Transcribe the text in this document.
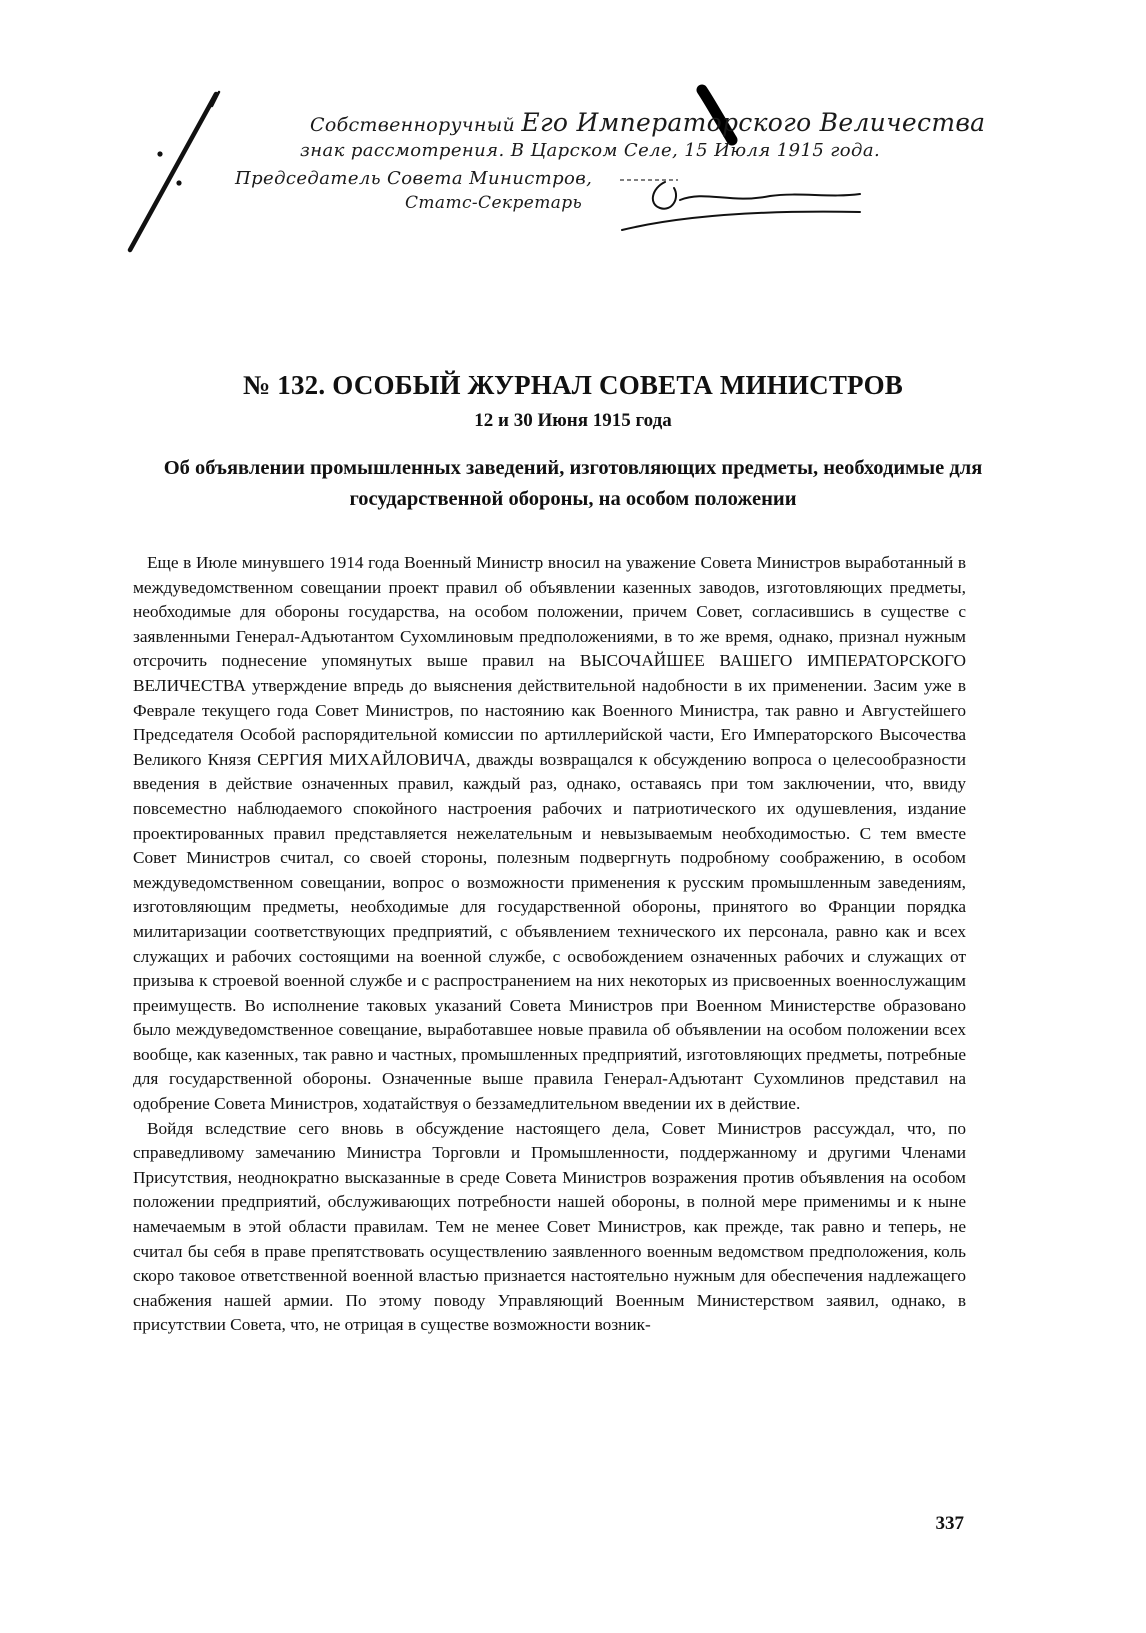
Собственноручный Его Императорского Величества
знак рассмотрения. В Царском Селе, 15 Июля 1915 года.
Председатель Совета Министров,
Статс-Секретарь
№ 132. ОСОБЫЙ ЖУРНАЛ СОВЕТА МИНИСТРОВ
12 и 30 Июня 1915 года
Об объявлении промышленных заведений, изготовляющих предметы, необходимые для государственной обороны, на особом положении

Еще в Июле минувшего 1914 года Военный Министр вносил на уважение Совета Министров выработанный в междуведомственном совещании проект правил об объявлении казенных заводов, изготовляющих предметы, необходимые для обороны государства, на особом положении, причем Совет, согласившись в существе с заявленными Генерал-Адъютантом Сухомлиновым предположениями, в то же время, однако, признал нужным отсрочить поднесение упомянутых выше правил на ВЫСОЧАЙШЕЕ ВАШЕГО ИМПЕРАТОРСКОГО ВЕЛИЧЕСТВА утверждение впредь до выяснения действительной надобности в их применении. Засим уже в Феврале текущего года Совет Министров, по настоянию как Военного Министра, так равно и Августейшего Председателя Особой распорядительной комиссии по артиллерийской части, Его Императорского Высочества Великого Князя СЕРГИЯ МИХАЙЛОВИЧА, дважды возвращался к обсуждению вопроса о целесообразности введения в действие означенных правил, каждый раз, однако, оставаясь при том заключении, что, ввиду повсеместно наблюдаемого спокойного настроения рабочих и патриотического их одушевления, издание проектированных правил представляется нежелательным и невызываемым необходимостью. С тем вместе Совет Министров считал, со своей стороны, полезным подвергнуть подробному соображению, в особом междуведомственном совещании, вопрос о возможности применения к русским промышленным заведениям, изготовляющим предметы, необходимые для государственной обороны, принятого во Франции порядка милитаризации соответствующих предприятий, с объявлением технического их персонала, равно как и всех служащих и рабочих состоящими на военной службе, с освобождением означенных рабочих и служащих от призыва к строевой военной службе и с распространением на них некоторых из присвоенных военнослужащим преимуществ. Во исполнение таковых указаний Совета Министров при Военном Министерстве образовано было междуведомственное совещание, выработавшее новые правила об объявлении на особом положении всех вообще, как казенных, так равно и частных, промышленных предприятий, изготовляющих предметы, потребные для государственной обороны. Означенные выше правила Генерал-Адъютант Сухомлинов представил на одобрение Совета Министров, ходатайствуя о беззамедлительном введении их в действие.

Войдя вследствие сего вновь в обсуждение настоящего дела, Совет Министров рассуждал, что, по справедливому замечанию Министра Торговли и Промышленности, поддержанному и другими Членами Присутствия, неоднократно высказанные в среде Совета Министров возражения против объявления на особом положении предприятий, обслуживающих потребности нашей обороны, в полной мере применимы и к ныне намечаемым в этой области правилам. Тем не менее Совет Министров, как прежде, так равно и теперь, не считал бы себя в праве препятствовать осуществлению заявленного военным ведомством предположения, коль скоро таковое ответственной военной властью признается настоятельно нужным для обеспечения надлежащего снабжения нашей армии. По этому поводу Управляющий Военным Министерством заявил, однако, в присутствии Совета, что, не отрицая в существе возможности возник-

337
